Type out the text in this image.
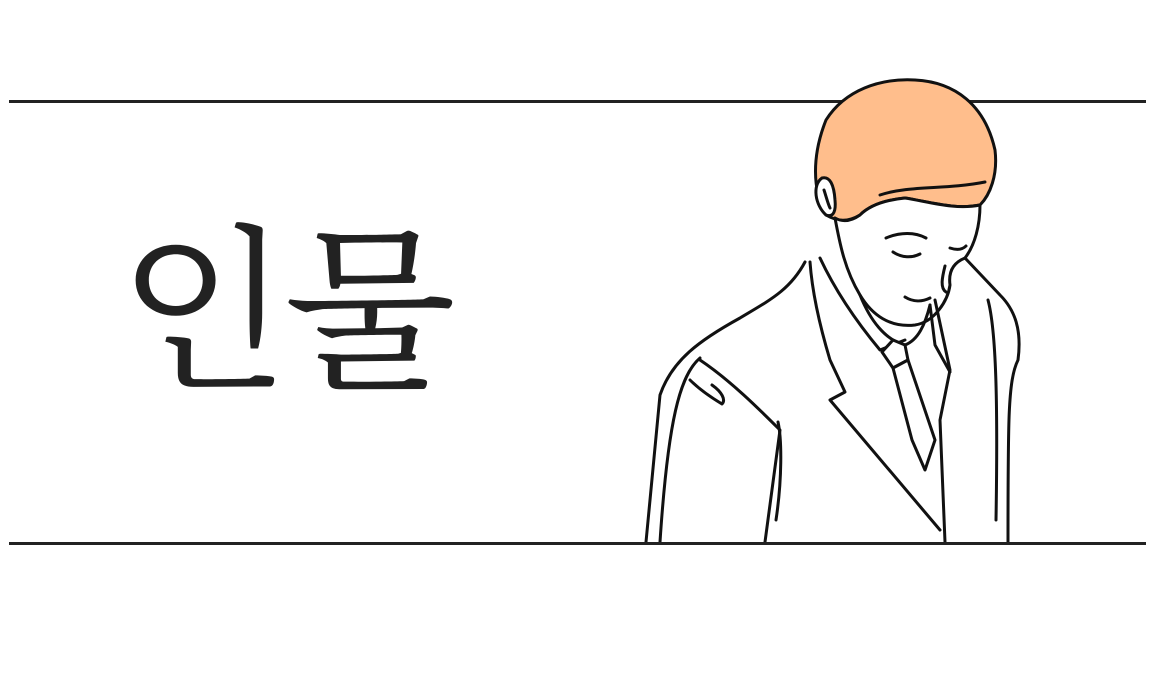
인물
